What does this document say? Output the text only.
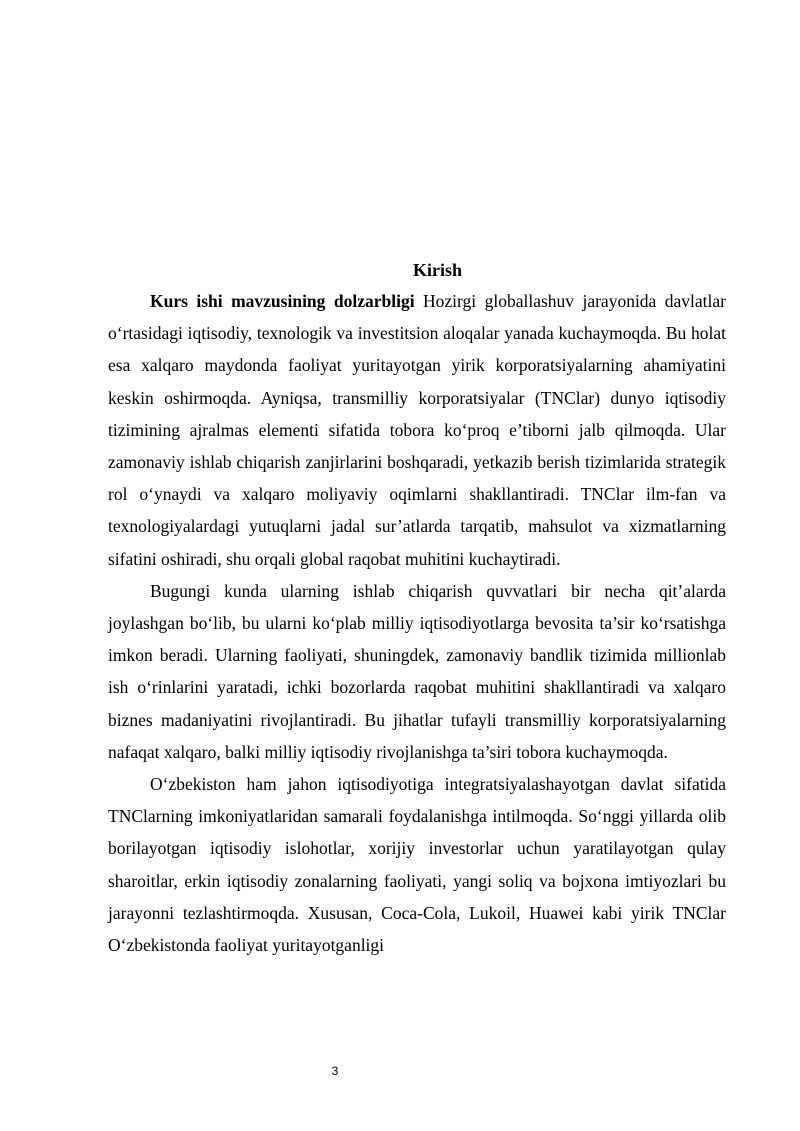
Kirish

Kurs ishi mavzusining dolzarbligi Hozirgi globallashuv jarayonida davlatlar o‘rtasidagi iqtisodiy, texnologik va investitsion aloqalar yanada kuchaymoqda. Bu holat esa xalqaro maydonda faoliyat yuritayotgan yirik korporatsiyalarning ahamiyatini keskin oshirmoqda. Ayniqsa, transmilliy korporatsiyalar (TNClar) dunyo iqtisodiy tizimining ajralmas elementi sifatida tobora ko‘proq e’tiborni jalb qilmoqda. Ular zamonaviy ishlab chiqarish zanjirlarini boshqaradi, yetkazib berish tizimlarida strategik rol o‘ynaydi va xalqaro moliyaviy oqimlarni shakllantiradi. TNClar ilm-fan va texnologiyalardagi yutuqlarni jadal sur’atlarda tarqatib, mahsulot va xizmatlarning sifatini oshiradi, shu orqali global raqobat muhitini kuchaytiradi.

Bugungi kunda ularning ishlab chiqarish quvvatlari bir necha qit’alarda joylashgan bo‘lib, bu ularni ko‘plab milliy iqtisodiyotlarga bevosita ta’sir ko‘rsatishga imkon beradi. Ularning faoliyati, shuningdek, zamonaviy bandlik tizimida millionlab ish o‘rinlarini yaratadi, ichki bozorlarda raqobat muhitini shakllantiradi va xalqaro biznes madaniyatini rivojlantiradi. Bu jihatlar tufayli transmilliy korporatsiyalarning nafaqat xalqaro, balki milliy iqtisodiy rivojlanishga ta’siri tobora kuchaymoqda.

O‘zbekiston ham jahon iqtisodiyotiga integratsiyalashayotgan davlat sifatida TNClarning imkoniyatlaridan samarali foydalanishga intilmoqda. So‘nggi yillarda olib borilayotgan iqtisodiy islohotlar, xorijiy investorlar uchun yaratilayotgan qulay sharoitlar, erkin iqtisodiy zonalarning faoliyati, yangi soliq va bojxona imtiyozlari bu jarayonni tezlashtirmoqda. Xususan, Coca-Cola, Lukoil, Huawei kabi yirik TNClar O‘zbekistonda faoliyat yuritayotganligi

3
